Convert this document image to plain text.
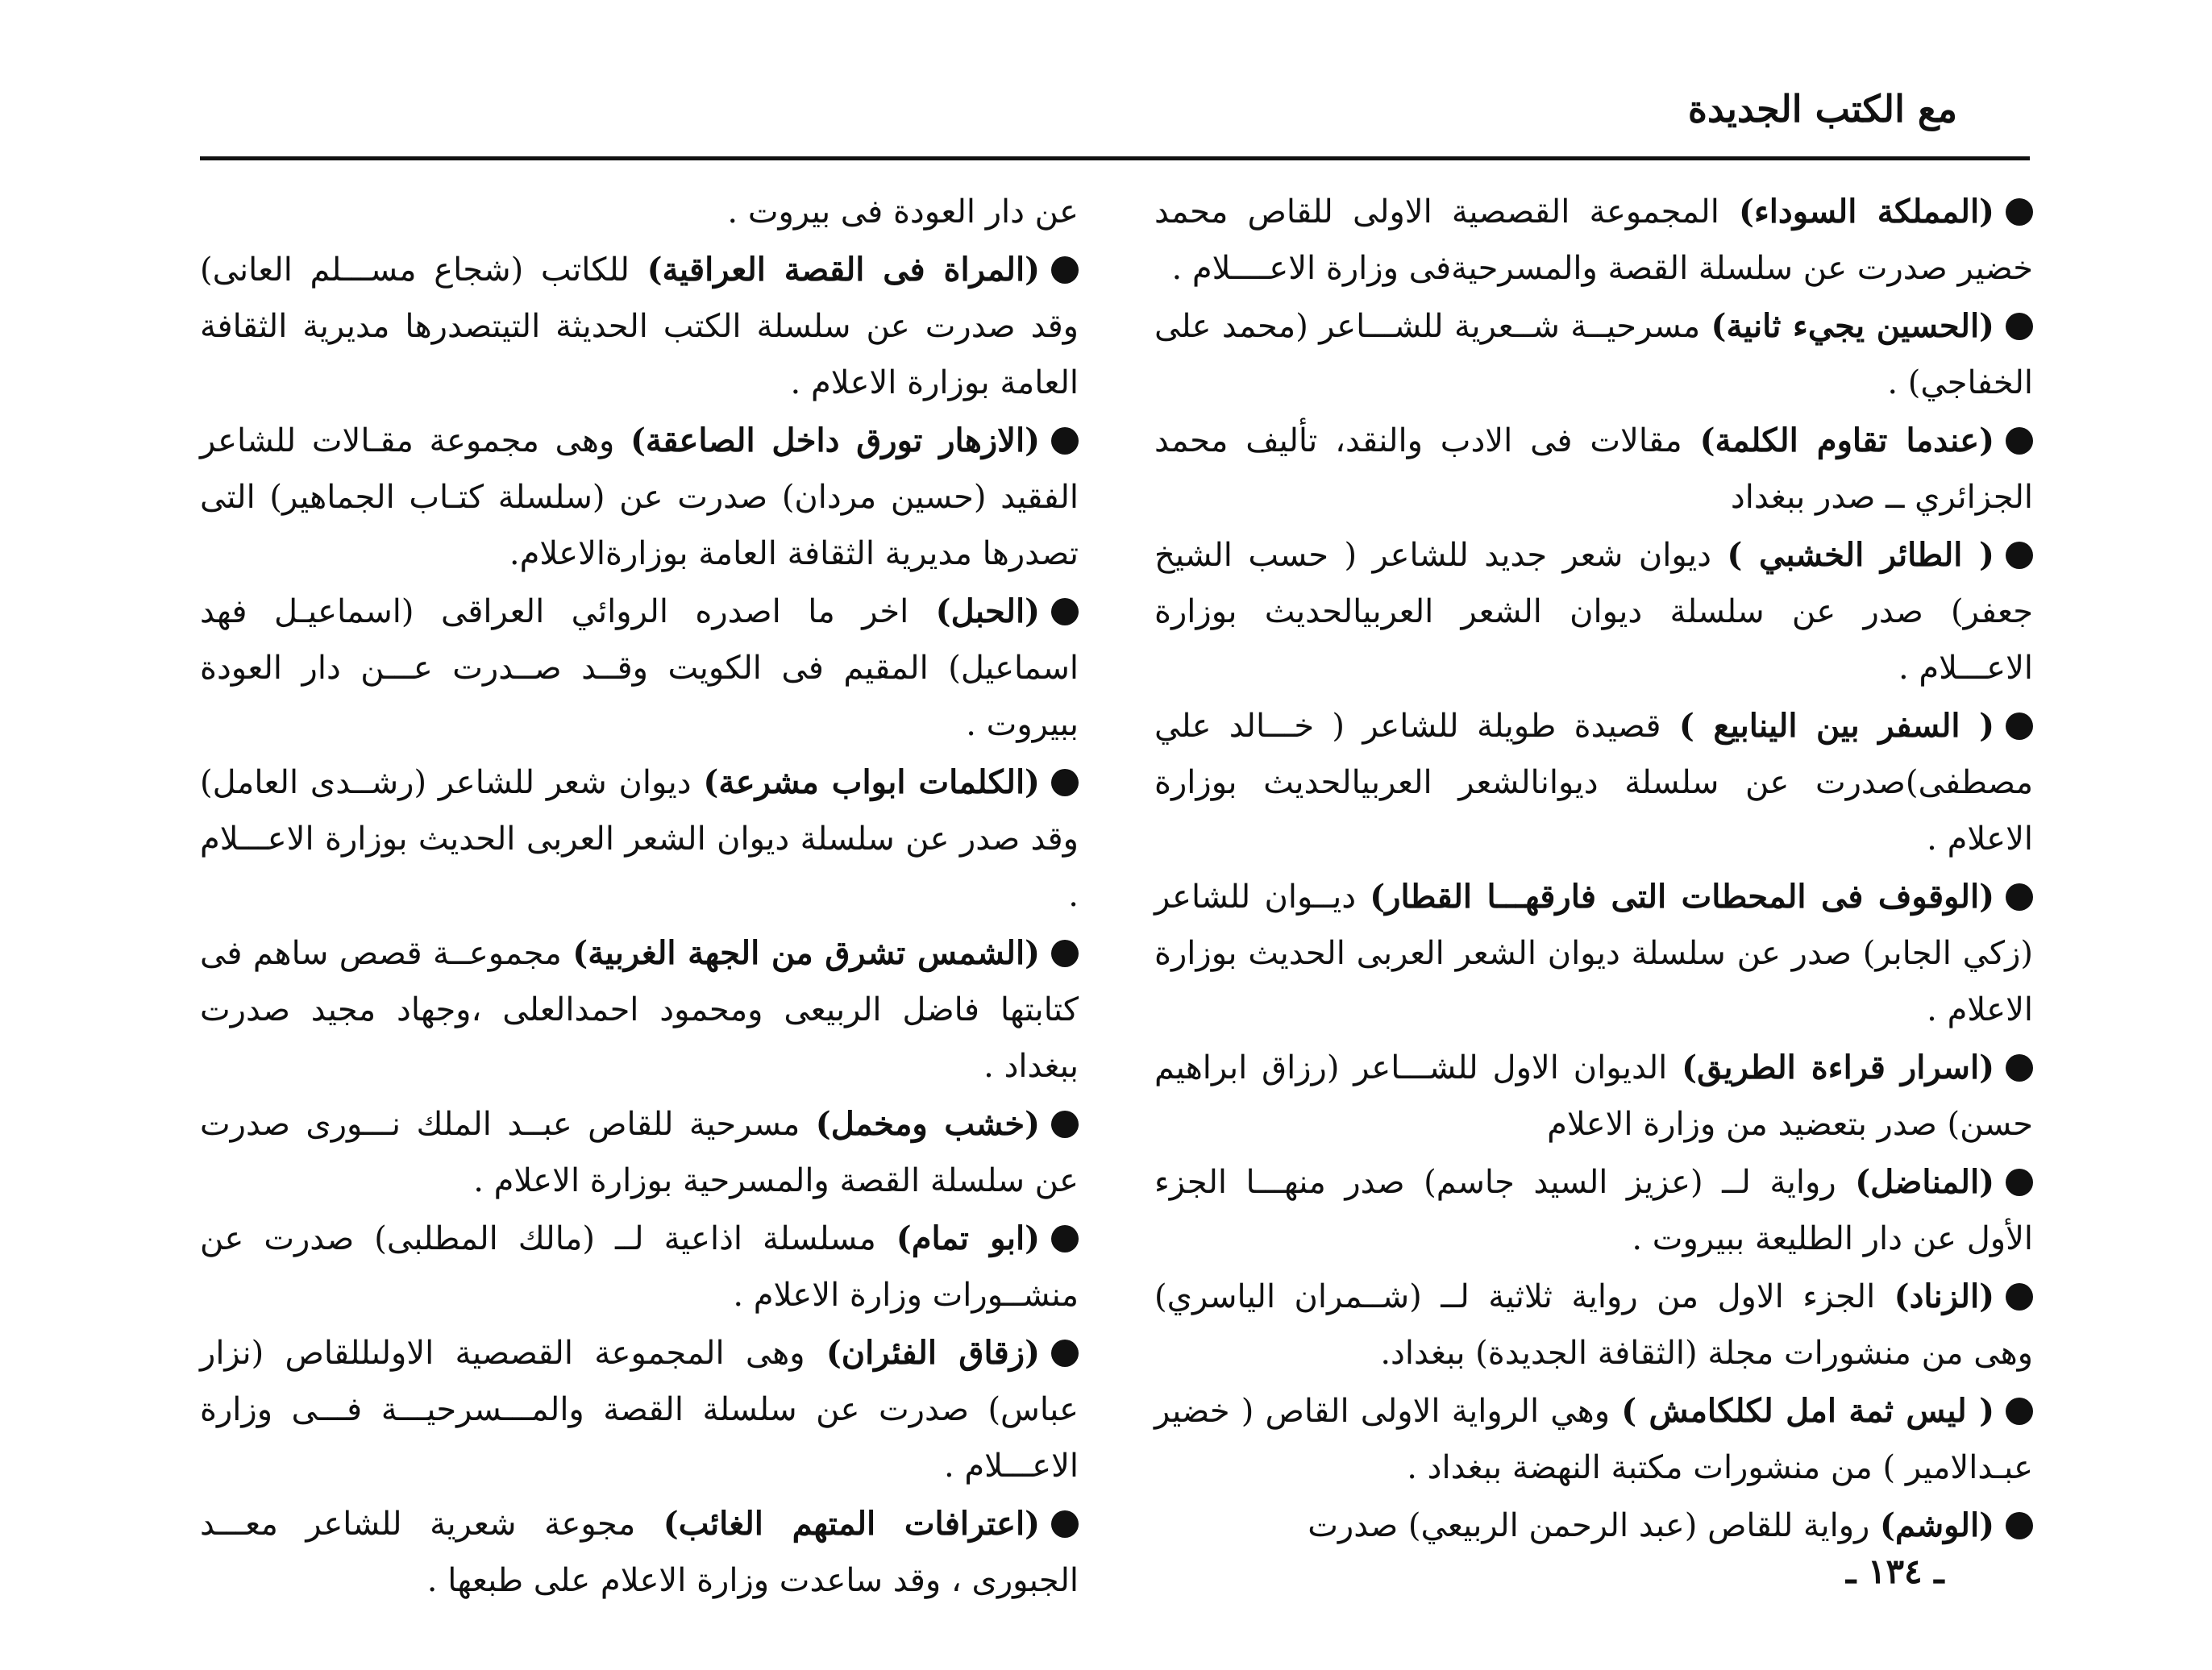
مع الكتب الجديدة

(المملكة السوداء) المجموعة القصصية الاولى للقاص محمد خضير صدرت عن سلسلة القصة والمسرحيةفى وزارة الاعــــلام .

(الحسين يجيء ثانية) مسرحيــة شــعرية للشـــاعر (محمد على الخفاجي) .

(عندما تقاوم الكلمة) مقالات فى الادب والنقد، تأليف محمد الجزائري ــ صدر ببغداد

( الطائر الخشبي ) ديوان شعر جديد للشاعر ( حسب الشيخ جعفر) صدر عن سلسلة ديوان الشعر العربيالحديث بوزارة الاعـــلام .

( السفر بين الينابيع ) قصيدة طويلة للشاعر ( خـــالد علي مصطفى)صدرت عن سلسلة ديوانالشعر العربيالحديث بوزارة الاعلام .

(الوقوف فى المحطات التى فارقهـــا القطار) ديــوان للشاعر (زكي الجابر) صدر عن سلسلة ديوان الشعر العربى الحديث بوزارة الاعلام .

(اسرار قراءة الطريق) الديوان الاول للشـــاعر (رزاق ابراهيم حسن) صدر بتعضيد من وزارة الاعلام

(المناضل) رواية لــ (عزيز السيد جاسم) صدر منهـــا الجزء الأول عن دار الطليعة ببيروت .

(الزناد) الجزء الاول من رواية ثلاثية لــ (شــمران الياسري) وهى من منشورات مجلة (الثقافة الجديدة) ببغداد.

( ليس ثمة امل لكلكامش ) وهي الرواية الاولى القاص ( خضير عبـدالامير ) من منشورات مكتبة النهضة ببغداد .

(الوشم) رواية للقاص (عبد الرحمن الربيعي) صدرت

عن دار العودة فى بيروت .

(المراة فى القصة العراقية) للكاتب (شجاع مســـلم العانى) وقد صدرت عن سلسلة الكتب الحديثة التيتصدرها مديرية الثقافة العامة بوزارة الاعلام .

(الازهار تورق داخل الصاعقة) وهى مجموعة مقـالات للشاعر الفقيد (حسين مردان) صدرت عن (سلسلة كتـاب الجماهير) التى تصدرها مديرية الثقافة العامة بوزارةالاعلام.

(الحبل) اخر ما اصدره الروائي العراقى (اسماعيـل فهد اسماعيل) المقيم فى الكويت وقــد صــدرت عـــن دار العودة ببيروت .

(الكلمات ابواب مشرعة) ديوان شعر للشاعر (رشــدى العامل) وقد صدر عن سلسلة ديوان الشعر العربى الحديث بوزارة الاعـــلام .

(الشمس تشرق من الجهة الغربية) مجموعــة قصص ساهم فى كتابتها فاضل الربيعى ومحمود احمدالعلى ،وجهاد مجيد صدرت ببغداد .

(خشب ومخمل) مسرحية للقاص عبــد الملك نـــورى صدرت عن سلسلة القصة والمسرحية بوزارة الاعلام .

(ابو تمام) مسلسلة اذاعية لــ (مالك المطلبى) صدرت عن منشــورات وزارة الاعلام .

(زقاق الفئران) وهى المجموعة القصصية الاولىللقاص (نزار عباس) صدرت عن سلسلة القصة والمـــسرحيـــة فـــى وزارة الاعـــلام .

(اعترافات المتهم الغائب) مجوعة شعرية للشاعر معـــد الجبورى ، وقد ساعدت وزارة الاعلام على طبعها .	ـ ١٣٤ ـ
